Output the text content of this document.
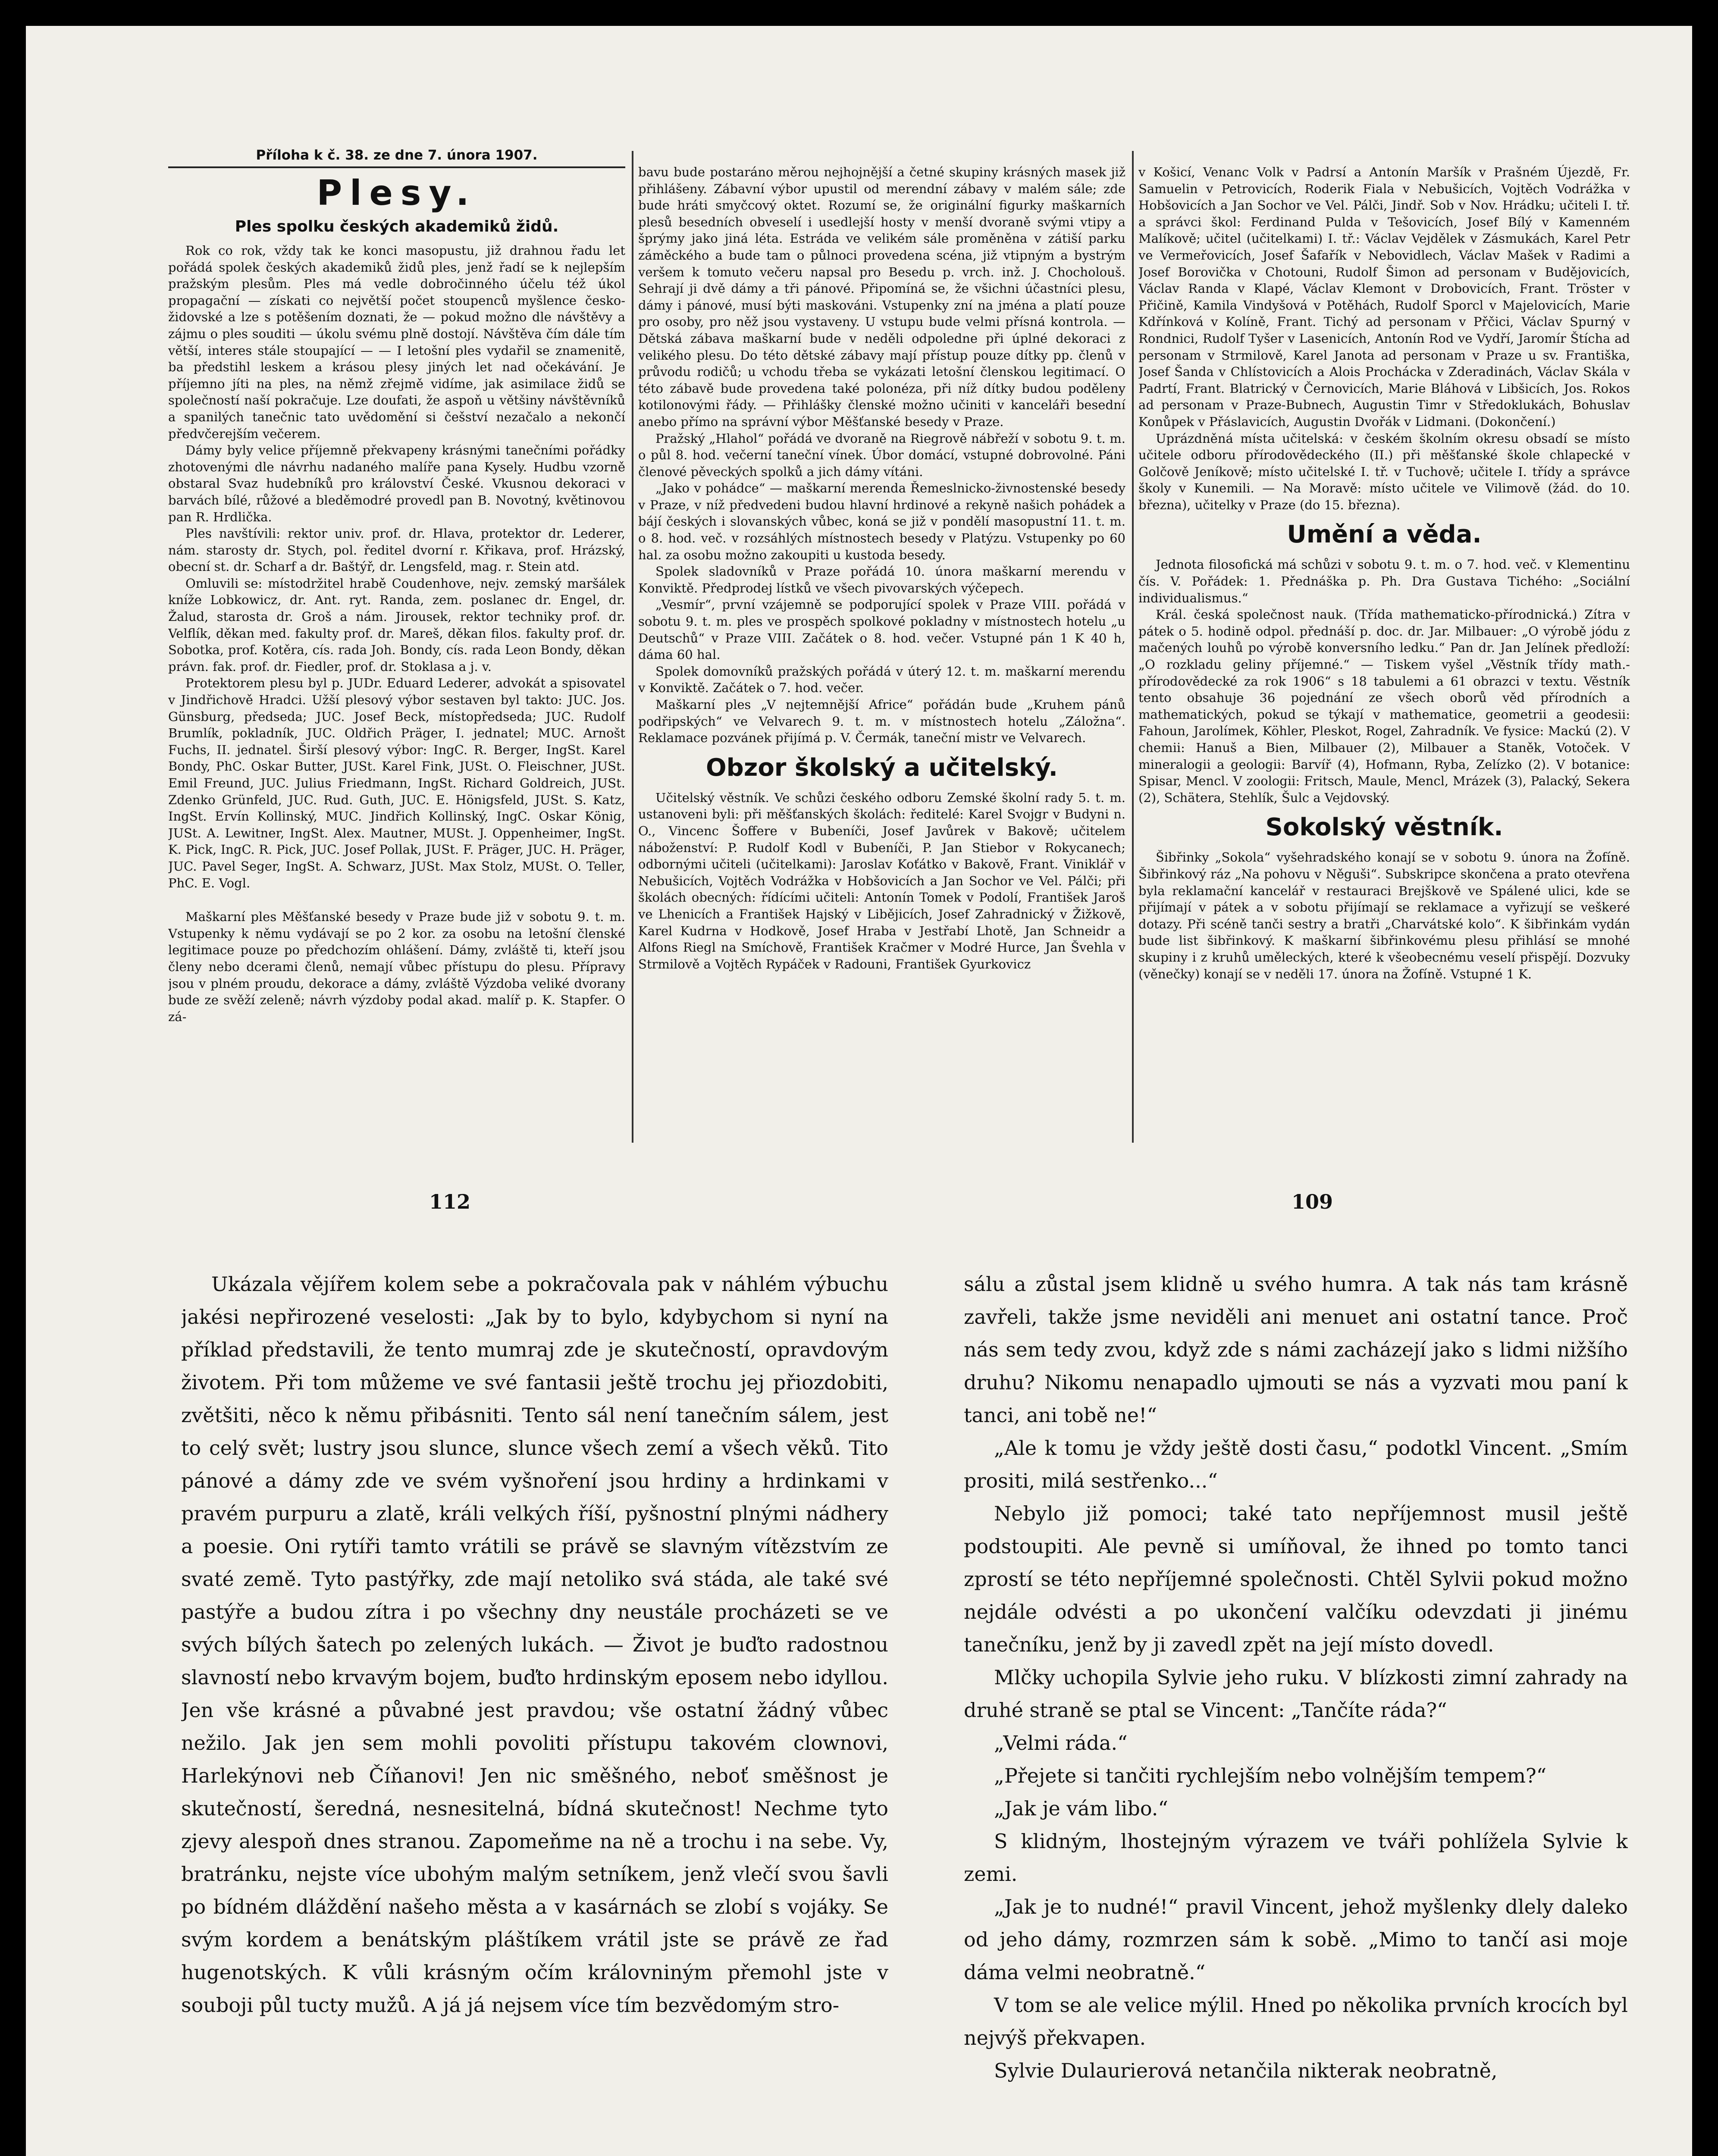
Příloha k č. 38. ze dne 7. února 1907.
Plesy.
Ples spolku českých akademiků židů.

Rok co rok, vždy tak ke konci masopustu, již drahnou řadu let pořádá spolek českých akademiků židů ples, jenž řadí se k nejlepším pražským plesům. Ples má vedle dobročinného účelu též úkol propagační — získati co největší počet stoupenců myšlence česko-židovské a lze s potěšením doznati, že — pokud možno dle návštěvy a zájmu o ples souditi — úkolu svému plně dostojí. Návštěva čím dále tím větší, interes stále stoupající — — I letošní ples vydařil se znamenitě, ba předstihl leskem a krásou plesy jiných let nad očekávání. Je příjemno jíti na ples, na němž zřejmě vidíme, jak asimilace židů se společností naší pokračuje. Lze doufati, že aspoň u většiny návštěvníků a spanilých tanečnic tato uvědomění si češství nezačalo a nekončí předvčerejším večerem.

Dámy byly velice příjemně překvapeny krásnými tanečními pořádky zhotovenými dle návrhu nadaného malíře pana Kysely. Hudbu vzorně obstaral Svaz hudebníků pro království České. Vkusnou dekoraci v barvách bílé, růžové a bleděmodré provedl pan B. Novotný, květinovou pan R. Hrdlička.

Ples navštívili: rektor univ. prof. dr. Hlava, protektor dr. Lederer, nám. starosty dr. Stych, pol. ředitel dvorní r. Křikava, prof. Hrázský, obecní st. dr. Scharf a dr. Baštýř, dr. Lengsfeld, mag. r. Stein atd.

Omluvili se: místodržitel hrabě Coudenhove, nejv. zemský maršálek kníže Lobkowicz, dr. Ant. ryt. Randa, zem. poslanec dr. Engel, dr. Žalud, starosta dr. Groš a nám. Jirousek, rektor techniky prof. dr. Velflík, děkan med. fakulty prof. dr. Mareš, děkan filos. fakulty prof. dr. Sobotka, prof. Kotěra, cís. rada Joh. Bondy, cís. rada Leon Bondy, děkan právn. fak. prof. dr. Fiedler, prof. dr. Stoklasa a j. v.

Protektorem plesu byl p. JUDr. Eduard Lederer, advokát a spisovatel v Jindřichově Hradci. Užší plesový výbor sestaven byl takto: JUC. Jos. Günsburg, předseda; JUC. Josef Beck, místopředseda; JUC. Rudolf Brumlík, pokladník, JUC. Oldřich Präger, I. jednatel; MUC. Arnošt Fuchs, II. jednatel. Širší plesový výbor: IngC. R. Berger, IngSt. Karel Bondy, PhC. Oskar Butter, JUSt. Karel Fink, JUSt. O. Fleischner, JUSt. Emil Freund, JUC. Julius Friedmann, IngSt. Richard Goldreich, JUSt. Zdenko Grünfeld, JUC. Rud. Guth, JUC. E. Hönigsfeld, JUSt. S. Katz, IngSt. Ervín Kollinský, MUC. Jindřich Kollinský, IngC. Oskar König, JUSt. A. Lewitner, IngSt. Alex. Mautner, MUSt. J. Oppenheimer, IngSt. K. Pick, IngC. R. Pick, JUC. Josef Pollak, JUSt. F. Präger, JUC. H. Präger, JUC. Pavel Seger, IngSt. A. Schwarz, JUSt. Max Stolz, MUSt. O. Teller, PhC. E. Vogl.

Maškarní ples Měšťanské besedy v Praze bude již v sobotu 9. t. m. Vstupenky k němu vydávají se po 2 kor. za osobu na letošní členské legitimace pouze po předchozím ohlášení. Dámy, zvláště ti, kteří jsou členy nebo dcerami členů, nemají vůbec přístupu do plesu. Přípravy jsou v plném proudu, dekorace a dámy, zvláště Výzdoba veliké dvorany bude ze svěží zeleně; návrh výzdoby podal akad. malíř p. K. Stapfer. O zá-

bavu bude postaráno měrou nejhojnější a četné skupiny krásných masek již přihlášeny. Zábavní výbor upustil od merendní zábavy v malém sále; zde bude hráti smyčcový oktet. Rozumí se, že originální figurky maškarních plesů besedních obveselí i usedlejší hosty v menší dvoraně svými vtipy a šprýmy jako jiná léta. Estráda ve velikém sále proměněna v zátiší parku záměckého a bude tam o půlnoci provedena scéna, již vtipným a bystrým veršem k tomuto večeru napsal pro Besedu p. vrch. inž. J. Chocholouš. Sehrají ji dvě dámy a tři pánové. Připomíná se, že všichni účastníci plesu, dámy i pánové, musí býti maskováni. Vstupenky zní na jména a platí pouze pro osoby, pro něž jsou vystaveny. U vstupu bude velmi přísná kontrola. — Dětská zábava maškarní bude v neděli odpoledne při úplné dekoraci z velikého plesu. Do této dětské zábavy mají přístup pouze dítky pp. členů v průvodu rodičů; u vchodu třeba se vykázati letošní členskou legitimací. O této zábavě bude provedena také polonéza, při níž dítky budou poděleny kotilonovými řády. — Přihlášky členské možno učiniti v kanceláři besední anebo přímo na správní výbor Měšťanské besedy v Praze.

Pražský „Hlahol“ pořádá ve dvoraně na Riegrově nábřeží v sobotu 9. t. m. o půl 8. hod. večerní taneční vínek. Úbor domácí, vstupné dobrovolné. Páni členové pěveckých spolků a jich dámy vítáni.

„Jako v pohádce“ — maškarní merenda Řemeslnicko-živnostenské besedy v Praze, v níž předvedeni budou hlavní hrdinové a rekyně našich pohádek a bájí českých i slovanských vůbec, koná se již v pondělí masopustní 11. t. m. o 8. hod. več. v rozsáhlých místnostech besedy v Platýzu. Vstupenky po 60 hal. za osobu možno zakoupiti u kustoda besedy.

Spolek sladovníků v Praze pořádá 10. února maškarní merendu v Konviktě. Předprodej lístků ve všech pivovarských výčepech.

„Vesmír“, první vzájemně se podporující spolek v Praze VIII. pořádá v sobotu 9. t. m. ples ve prospěch spolkové pokladny v místnostech hotelu „u Deutschů“ v Praze VIII. Začátek o 8. hod. večer. Vstupné pán 1 K 40 h, dáma 60 hal.

Spolek domovníků pražských pořádá v úterý 12. t. m. maškarní merendu v Konviktě. Začátek o 7. hod. večer.

Maškarní ples „V nejtemnější Africe“ pořádán bude „Kruhem pánů podřipských“ ve Velvarech 9. t. m. v místnostech hotelu „Záložna“. Reklamace pozvánek přijímá p. V. Čermák, taneční mistr ve Velvarech.

Obzor školský a učitelský.

Učitelský věstník. Ve schůzi českého odboru Zemské školní rady 5. t. m. ustanoveni byli: při měšťanských školách: ředitelé: Karel Svojgr v Budyni n. O., Vincenc Šoffere v Bubeníči, Josef Javůrek v Bakově; učitelem náboženství: P. Rudolf Kodl v Bubeníči, P. Jan Stiebor v Rokycanech; odbornými učiteli (učitelkami): Jaroslav Koťátko v Bakově, Frant. Viniklář v Nebušicích, Vojtěch Vodrážka v Hobšovicích a Jan Sochor ve Vel. Pálči; při školách obecných: řídícími učiteli: Antonín Tomek v Podolí, František Jaroš ve Lhenicích a František Hajský v Libějicích, Josef Zahradnický v Žižkově, Karel Kudrna v Hodkově, Josef Hraba v Jestřabí Lhotě, Jan Schneidr a Alfons Riegl na Smíchově, František Kračmer v Modré Hurce, Jan Švehla v Strmilově a Vojtěch Rypáček v Radouni, František Gyurkovicz

v Košicí, Venanc Volk v Padrsí a Antonín Maršík v Prašném Újezdě, Fr. Samuelin v Petrovicích, Roderik Fiala v Nebušicích, Vojtěch Vodrážka v Hobšovicích a Jan Sochor ve Vel. Pálči, Jindř. Sob v Nov. Hrádku; učiteli I. tř. a správci škol: Ferdinand Pulda v Tešovicích, Josef Bílý v Kamenném Malíkově; učitel (učitelkami) I. tř.: Václav Vejdělek v Zásmukách, Karel Petr ve Vermeřovicích, Josef Šafařík v Nebovidlech, Václav Mašek v Radimi a Josef Borovička v Chotouni, Rudolf Šimon ad personam v Budějovicích, Václav Randa v Klapé, Václav Klemont v Drobovicích, Frant. Tröster v Přičině, Kamila Vindyšová v Potěhách, Rudolf Sporcl v Majelovicích, Marie Kdřínková v Kolíně, Frant. Tichý ad personam v Přčici, Václav Spurný v Rondnici, Rudolf Tyšer v Lasenicích, Antonín Rod ve Vydří, Jaromír Štícha ad personam v Strmilově, Karel Janota ad personam v Praze u sv. Františka, Josef Šanda v Chlístovicích a Alois Prochácka v Zderadinách, Václav Skála v Padrtí, Frant. Blatrický v Černovicích, Marie Bláhová v Libšicích, Jos. Rokos ad personam v Praze-Bubnech, Augustin Timr v Středoklukách, Bohuslav Konůpek v Přáslavicích, Augustin Dvořák v Lidmani. (Dokončení.)

Uprázdněná místa učitelská: v českém školním okresu obsadí se místo učitele odboru přírodovědeckého (II.) při měšťanské škole chlapecké v Golčově Jeníkově; místo učitelské I. tř. v Tuchově; učitele I. třídy a správce školy v Kunemili. — Na Moravě: místo učitele ve Vilimově (žád. do 10. března), učitelky v Praze (do 15. března).

Umění a věda.

Jednota filosofická má schůzi v sobotu 9. t. m. o 7. hod. več. v Klementinu čís. V. Pořádek: 1. Přednáška p. Ph. Dra Gustava Tichého: „Sociální individualismus.“

Král. česká společnost nauk. (Třída mathematicko-přírodnická.) Zítra v pátek o 5. hodině odpol. přednáší p. doc. dr. Jar. Milbauer: „O výrobě jódu z mačených louhů po výrobě konversního ledku.“ Pan dr. Jan Jelínek předloží: „O rozkladu geliny příjemné.“ — Tiskem vyšel „Věstník třídy math.-přírodovědecké za rok 1906“ s 18 tabulemi a 61 obrazci v textu. Věstník tento obsahuje 36 pojednání ze všech oborů věd přírodních a mathematických, pokud se týkají v mathematice, geometrii a geodesii: Fahoun, Jarolímek, Köhler, Pleskot, Rogel, Zahradník. Ve fysice: Mackú (2). V chemii: Hanuš a Bien, Milbauer (2), Milbauer a Staněk, Votoček. V mineralogii a geologii: Barvíř (4), Hofmann, Ryba, Zelízko (2). V botanice: Spisar, Mencl. V zoologii: Fritsch, Maule, Mencl, Mrázek (3), Palacký, Sekera (2), Schätera, Stehlík, Šulc a Vejdovský.

Sokolský věstník.

Šibřinky „Sokola“ vyšehradského konají se v sobotu 9. února na Žofíně. Šibřinkový ráz „Na pohovu v Něguši“. Subskripce skončena a prato otevřena byla reklamační kancelář v restauraci Brejškově ve Spálené ulici, kde se přijímají v pátek a v sobotu přijímají se reklamace a vyřizují se veškeré dotazy. Při scéně tanči sestry a bratři „Charvátské kolo“. K šibřinkám vydán bude list šibřinkový. K maškarní šibřinkovému plesu přihlásí se mnohé skupiny i z kruhů uměleckých, které k všeobecnému veselí přispějí. Dozvuky (věnečky) konají se v neděli 17. února na Žofíně. Vstupné 1 K.

112	109

Ukázala vějířem kolem sebe a pokračovala pak v náhlém výbuchu jakési nepřirozené veselosti: „Jak by to bylo, kdybychom si nyní na příklad představili, že tento mumraj zde je skutečností, opravdovým životem. Při tom můžeme ve své fantasii ještě trochu jej přiozdobiti, zvětšiti, něco k němu přibásniti. Tento sál není tanečním sálem, jest to celý svět; lustry jsou slunce, slunce všech zemí a všech věků. Tito pánové a dámy zde ve svém vyšnoření jsou hrdiny a hrdinkami v pravém purpuru a zlatě, králi velkých říší, pyšnostní plnými nádhery a poesie. Oni rytíři tamto vrátili se právě se slavným vítězstvím ze svaté země. Tyto pastýřky, zde mají netoliko svá stáda, ale také své pastýře a budou zítra i po všechny dny neustále procházeti se ve svých bílých šatech po zelených lukách. — Život je buďto radostnou slavností nebo krvavým bojem, buďto hrdinským eposem nebo idyllou. Jen vše krásné a půvabné jest pravdou; vše ostatní žádný vůbec nežilo. Jak jen sem mohli povoliti přístupu takovém clownovi, Harlekýnovi neb Číňanovi! Jen nic směšného, neboť směšnost je skutečností, šeredná, nesnesitelná, bídná skutečnost! Nechme tyto zjevy alespoň dnes stranou. Zapomeňme na ně a trochu i na sebe. Vy, bratránku, nejste více ubohým malým setníkem, jenž vlečí svou šavli po bídném dláždění našeho města a v kasárnách se zlobí s vojáky. Se svým kordem a benátským pláštíkem vrátil jste se právě ze řad hugenotských. K vůli krásným očím královniným přemohl jste v souboji půl tucty mužů. A já já nejsem více tím bezvědomým stro-

sálu a zůstal jsem klidně u svého humra. A tak nás tam krásně zavřeli, takže jsme neviděli ani menuet ani ostatní tance. Proč nás sem tedy zvou, když zde s námi zacházejí jako s lidmi nižšího druhu? Nikomu nenapadlo ujmouti se nás a vyzvati mou paní k tanci, ani tobě ne!“

„Ale k tomu je vždy ještě dosti času,“ podotkl Vincent. „Smím prositi, milá sestřenko...“

Nebylo již pomoci; také tato nepříjemnost musil ještě podstoupiti. Ale pevně si umíňoval, že ihned po tomto tanci zprostí se této nepříjemné společnosti. Chtěl Sylvii pokud možno nejdále odvésti a po ukončení valčíku odevzdati ji jinému tanečníku, jenž by ji zavedl zpět na její místo dovedl.

Mlčky uchopila Sylvie jeho ruku. V blízkosti zimní zahrady na druhé straně se ptal se Vincent: „Tančíte ráda?“

„Velmi ráda.“

„Přejete si tančiti rychlejším nebo volnějším tempem?“

„Jak je vám libo.“

S klidným, lhostejným výrazem ve tváři pohlížela Sylvie k zemi.

„Jak je to nudné!“ pravil Vincent, jehož myšlenky dlely daleko od jeho dámy, rozmrzen sám k sobě. „Mimo to tančí asi moje dáma velmi neobratně.“

V tom se ale velice mýlil. Hned po několika prvních krocích byl nejvýš překvapen.

Sylvie Dulaurierová netančila nikterak neobratně,
